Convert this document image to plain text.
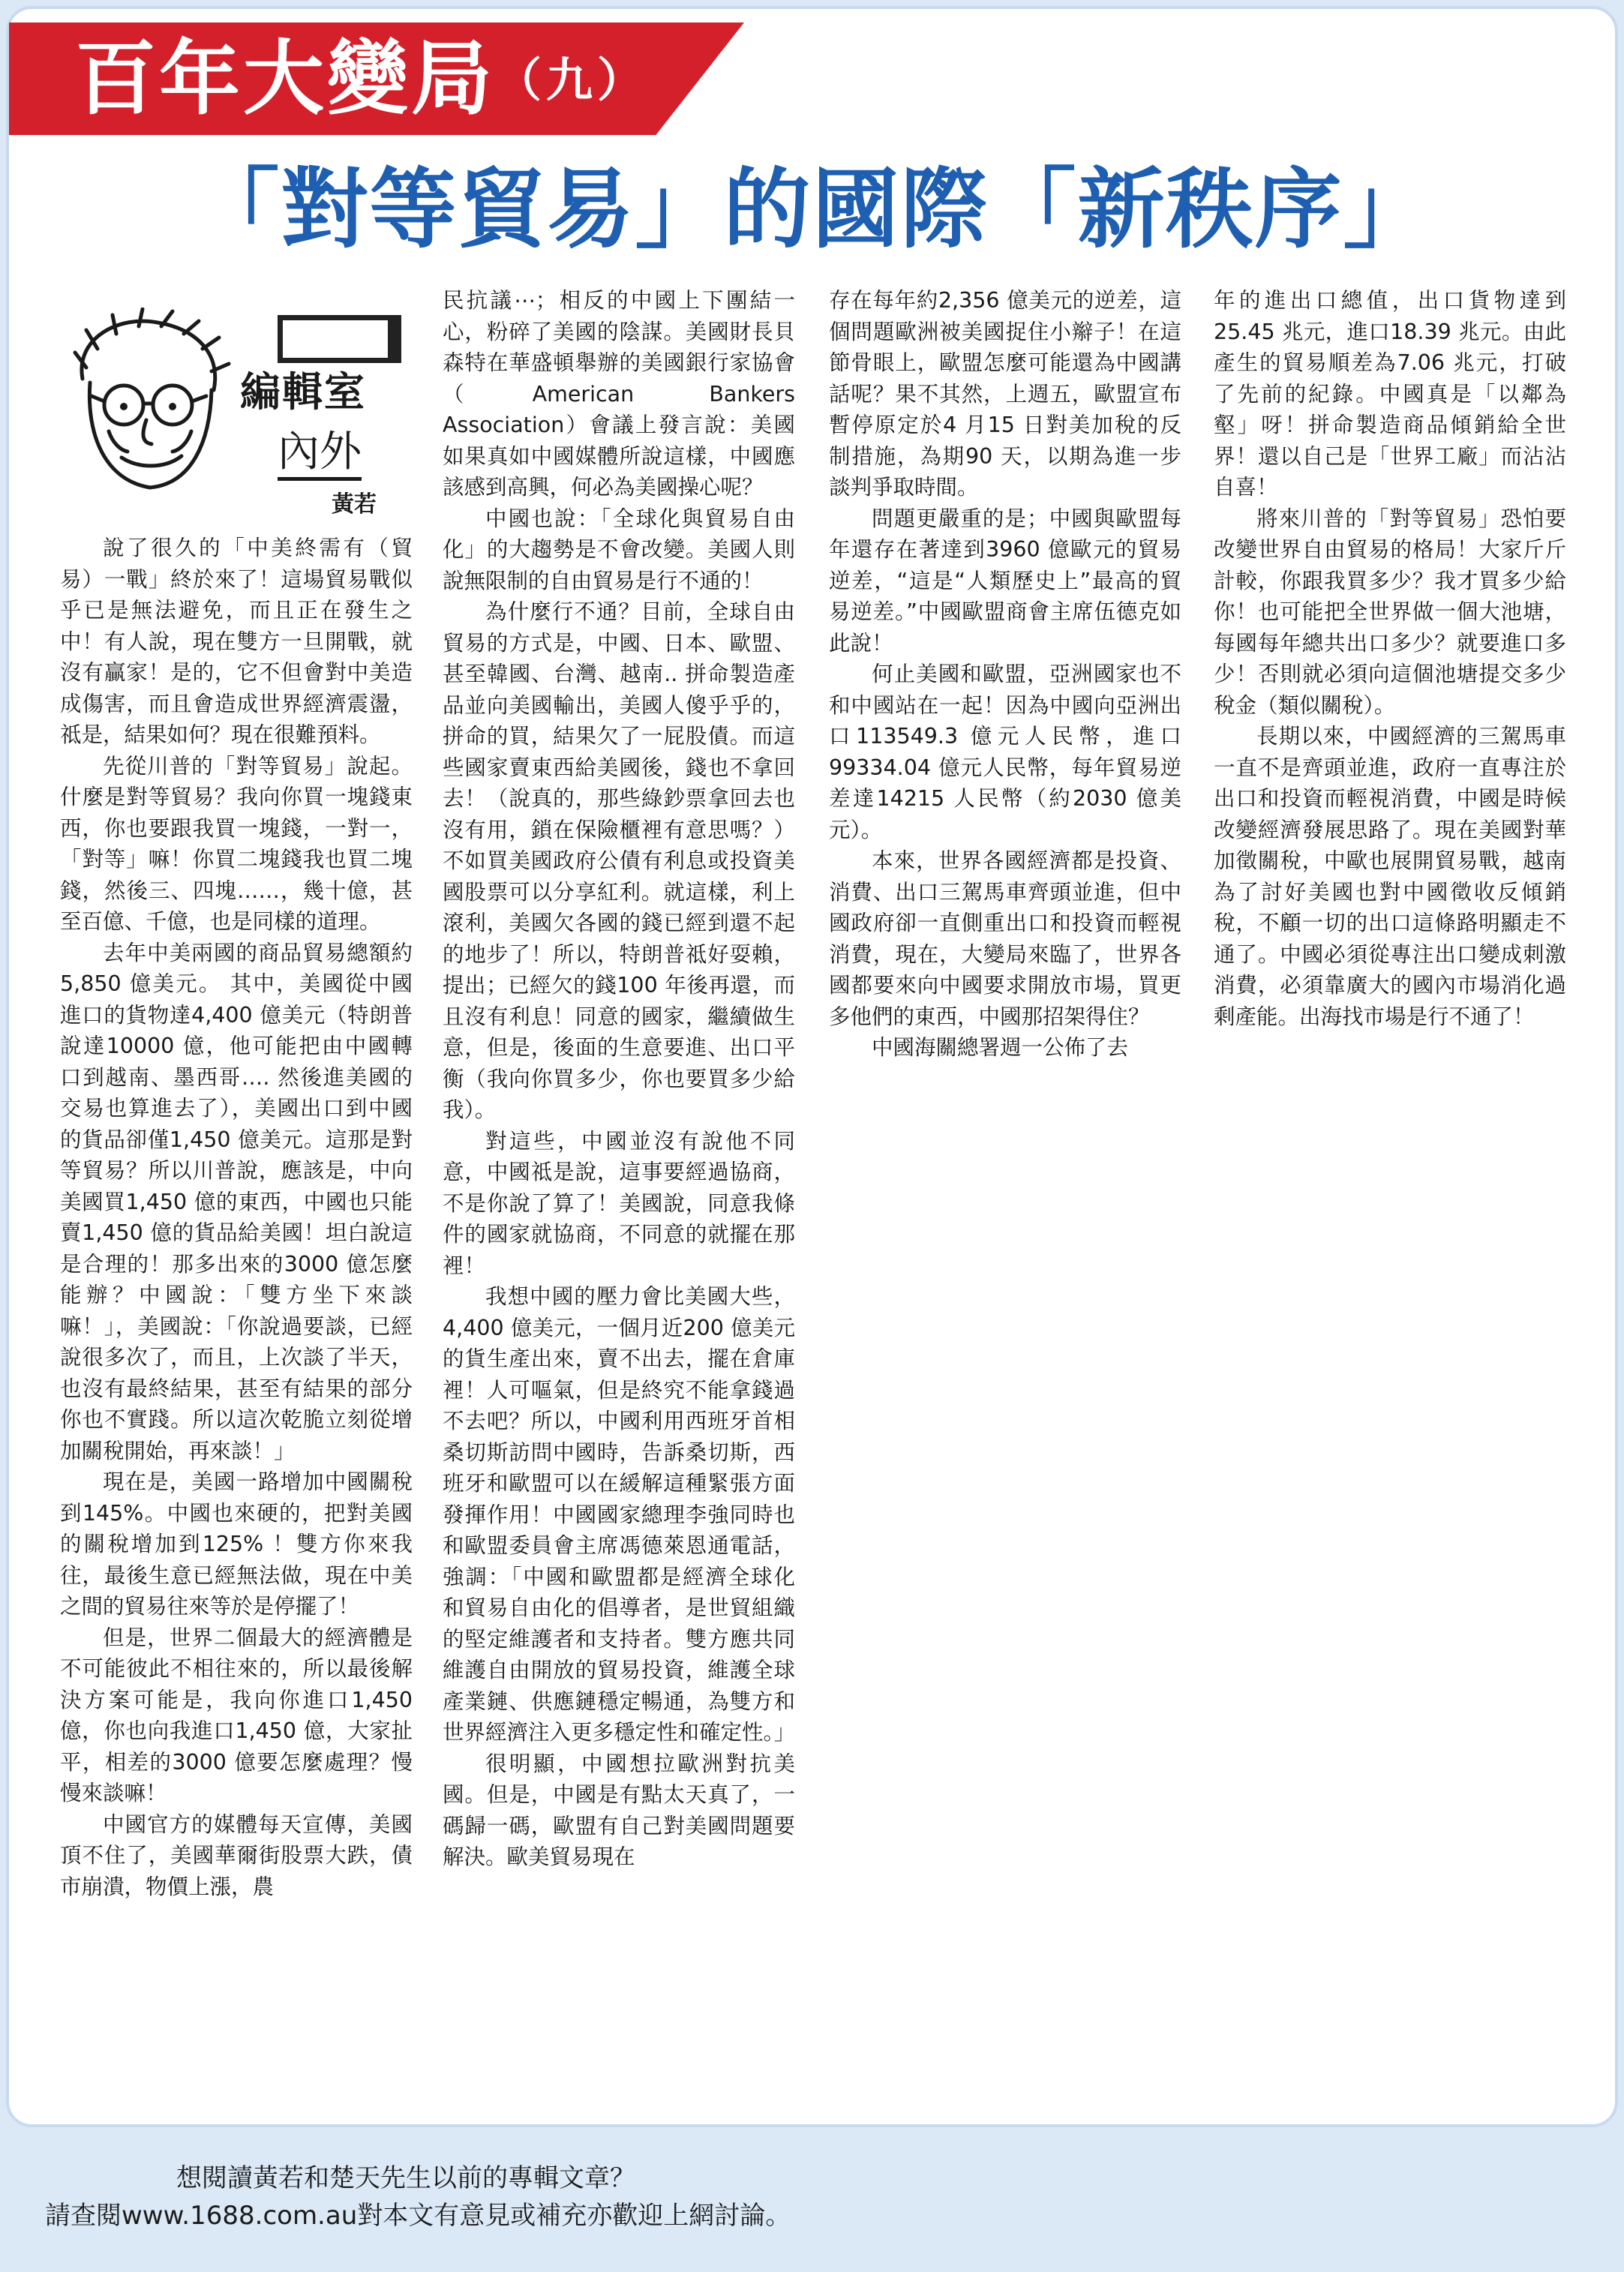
百年大變局（九）
「對等貿易」的國際「新秩序」
編輯室
內外
黃若

說了很久的「中美終需有（貿易）一戰」終於來了！這場貿易戰似乎已是無法避免，而且正在發生之中！有人說，現在雙方一旦開戰，就沒有贏家！是的，它不但會對中美造成傷害，而且會造成世界經濟震盪，祗是，結果如何？現在很難預料。

先從川普的「對等貿易」說起。什麼是對等貿易？我向你買一塊錢東西，你也要跟我買一塊錢，一對一，「對等」嘛！你買二塊錢我也買二塊錢，然後三、四塊……，幾十億，甚至百億、千億，也是同樣的道理。

去年中美兩國的商品貿易總額約5,850 億美元。 其中，美國從中國進口的貨物達4,400 億美元（特朗普說達10000 億，他可能把由中國轉口到越南、墨西哥…. 然後進美國的交易也算進去了），美國出口到中國的貨品卻僅1,450 億美元。這那是對等貿易？所以川普說，應該是，中向美國買1,450 億的東西，中國也只能賣1,450 億的貨品給美國！坦白說這是合理的！那多出來的3000 億怎麼能辦？中國說：「雙方坐下來談嘛！」，美國說：「你說過要談，已經說很多次了，而且，上次談了半天，也沒有最終結果，甚至有結果的部分你也不實踐。所以這次乾脆立刻從增加關稅開始，再來談！」

現在是，美國一路增加中國關稅到145%。中國也來硬的，把對美國的關稅增加到125% ！雙方你來我往，最後生意已經無法做，現在中美之間的貿易往來等於是停擺了！

但是，世界二個最大的經濟體是不可能彼此不相往來的，所以最後解決方案可能是，我向你進口1,450 億，你也向我進口1,450 億，大家扯平，相差的3000 億要怎麼處理？慢慢來談嘛！

中國官方的媒體每天宣傳，美國頂不住了，美國華爾街股票大跌，債市崩潰，物價上漲，農

民抗議⋯；相反的中國上下團結一心，粉碎了美國的陰謀。美國財長貝森特在華盛頓舉辦的美國銀行家協會（American Bankers Association）會議上發言說：美國如果真如中國媒體所說這樣，中國應該感到高興，何必為美國操心呢？

中國也說：「全球化與貿易自由化」的大趨勢是不會改變。美國人則說無限制的自由貿易是行不通的！

為什麼行不通？目前，全球自由貿易的方式是，中國、日本、歐盟、甚至韓國、台灣、越南.. 拼命製造產品並向美國輸出，美國人傻乎乎的，拼命的買，結果欠了一屁股債。而這些國家賣東西給美國後，錢也不拿回去！（說真的，那些綠鈔票拿回去也沒有用，鎖在保險櫃裡有意思嗎？）不如買美國政府公債有利息或投資美國股票可以分享紅利。就這樣，利上滾利，美國欠各國的錢已經到還不起的地步了！所以，特朗普祗好耍賴，提出；已經欠的錢100 年後再還，而且沒有利息！同意的國家，繼續做生意，但是，後面的生意要進、出口平衡（我向你買多少，你也要買多少給我）。

對這些，中國並沒有說他不同意，中國祗是說，這事要經過協商，不是你說了算了！美國說，同意我條件的國家就協商，不同意的就擺在那裡！

我想中國的壓力會比美國大些，4,400 億美元，一個月近200 億美元的貨生產出來，賣不出去，擺在倉庫裡！人可嘔氣，但是終究不能拿錢過不去吧？所以，中國利用西班牙首相桑切斯訪問中國時，告訴桑切斯，西班牙和歐盟可以在緩解這種緊張方面發揮作用！中國國家總理李強同時也和歐盟委員會主席馮德萊恩通電話，強調：「中國和歐盟都是經濟全球化和貿易自由化的倡導者，是世貿組織的堅定維護者和支持者。雙方應共同維護自由開放的貿易投資，維護全球產業鏈、供應鏈穩定暢通，為雙方和世界經濟注入更多穩定性和確定性。」

很明顯，中國想拉歐洲對抗美國。但是，中國是有點太天真了，一碼歸一碼，歐盟有自己對美國問題要解決。歐美貿易現在

存在每年約2,356 億美元的逆差，這個問題歐洲被美國捉住小辮子！在這節骨眼上，歐盟怎麼可能還為中國講話呢？果不其然，上週五，歐盟宣布暫停原定於4 月15 日對美加稅的反制措施，為期90 天，以期為進一步談判爭取時間。

問題更嚴重的是；中國與歐盟每年還存在著達到3960 億歐元的貿易逆差，“這是“人類歷史上”最高的貿易逆差。”中國歐盟商會主席伍德克如此說！

何止美國和歐盟，亞洲國家也不和中國站在一起！因為中國向亞洲出口113549.3 億元人民幣，進口99334.04 億元人民幣，每年貿易逆差達14215 人民幣（約2030 億美元）。

本來，世界各國經濟都是投資、消費、出口三駕馬車齊頭並進，但中國政府卻一直側重出口和投資而輕視消費，現在，大變局來臨了，世界各國都要來向中國要求開放市場，買更多他們的東西，中國那招架得住？

中國海關總署週一公佈了去

年的進出口總值，出口貨物達到25.45 兆元，進口18.39 兆元。由此產生的貿易順差為7.06 兆元，打破了先前的紀錄。中國真是「以鄰為壑」呀！拼命製造商品傾銷給全世界！還以自己是「世界工廠」而沾沾自喜！

將來川普的「對等貿易」恐怕要改變世界自由貿易的格局！大家斤斤計較，你跟我買多少？我才買多少給你！也可能把全世界做一個大池塘，每國每年總共出口多少？就要進口多少！否則就必須向這個池塘提交多少稅金（類似關稅）。

長期以來，中國經濟的三駕馬車一直不是齊頭並進，政府一直專注於出口和投資而輕視消費，中國是時候改變經濟發展思路了。現在美國對華加徵關稅，中歐也展開貿易戰，越南為了討好美國也對中國徵收反傾銷稅，不顧一切的出口這條路明顯走不通了。中國必須從專注出口變成刺激消費，必須靠廣大的國內市場消化過剩產能。出海找市場是行不通了！

想閱讀黃若和楚天先生以前的專輯文章？
請查閱www.1688.com.au對本文有意見或補充亦歡迎上網討論。
